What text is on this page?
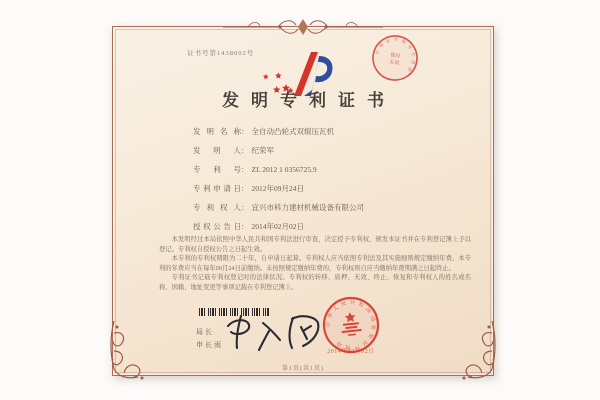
证书号第1438002号
发明专利证书
专利证书核对专用章
核对
无误
发明名称： 全自动凸轮式双辊压瓦机
发明人： 纪荣军
专利号： ZL 2012 1 0356725.9
专利申请日： 2012年09月24日
专利权人： 宜兴市科力建材机械设备有限公司
授权公告日： 2014年02月02日

本发明经过本局依照中华人民共和国专利法进行审查，决定授予专利权，颁发本证书并在专利登记簿上予以登记。专利权自授权公告之日起生效。

本专利的专利权期限为二十年，自申请日起算。专利权人应当依照专利法及其实施细则规定缴纳年费。本专利的年费应当在每年09月24日前缴纳。未按照规定缴纳年费的，专利权将自应当缴纳年费期满之日起终止。

专利证书记载专利权登记时的法律状况。专利权的转移、质押、无效、终止、恢复和专利权人的姓名或名称、国籍、地址变更等事项记载在专利登记簿上。

局长
申长雨
中华人民共和国国家知识产权局
2014年02月02日
第1页(共1页)
